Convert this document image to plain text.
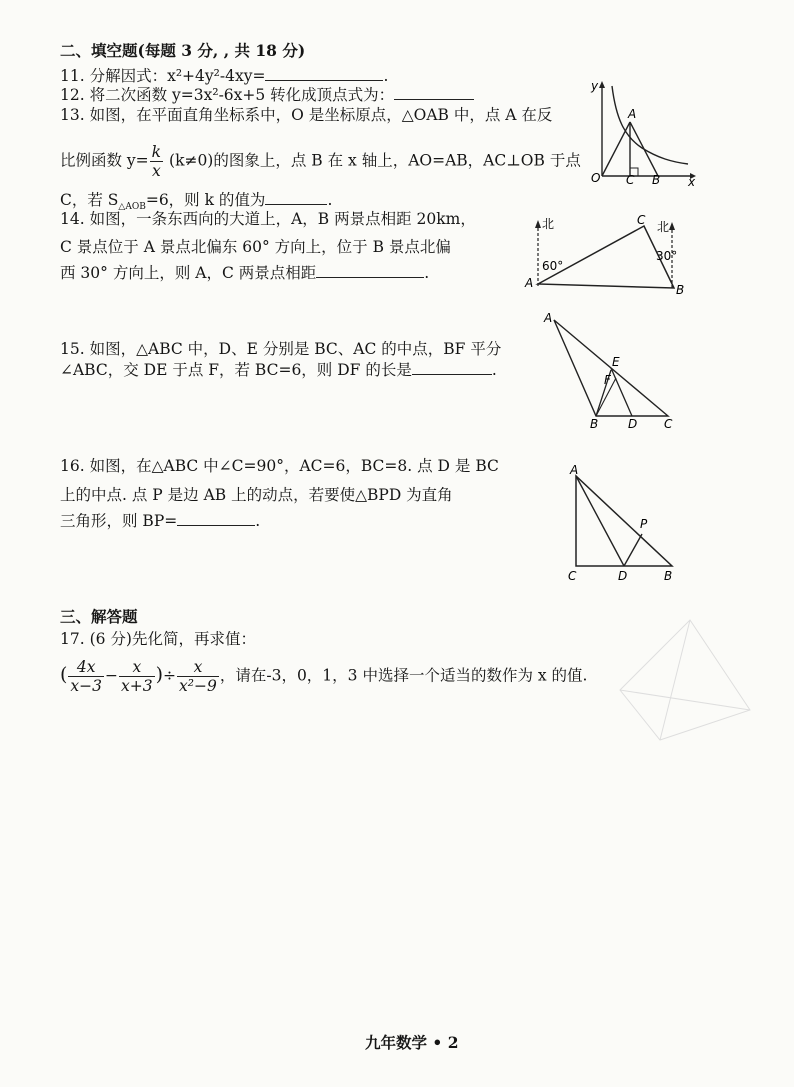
二、填空题(每题 3 分, , 共 18 分)
11. 分解因式：x²+4y²-4xy=	.
12. 将二次函数 y=3x²-6x+5 转化成顶点式为：
13. 如图，在平面直角坐标系中，O 是坐标原点，△OAB 中，点 A 在反
比例函数 $y= \frac{k}{x} (k\ne 0)$的图象上，点 B 在 x 轴上，AO=AB，AC⊥OB 于点
C，若 $S_{\triangle AOB}=6$，则 k 的值为	.
y
A
O C B x
14. 如图，一条东西向的大道上，A，B 两景点相距 20km，
C 景点位于 A 景点北偏东 60° 方向上，位于 B 景点北偏
西 30° 方向上，则 A，C 两景点相距	.
北	北
60°
30°
A	B
C
15. 如图，△ABC 中，D、E 分别是 BC、AC 的中点，BF 平分
∠ABC，交 DE 于点 F，若 BC=6，则 DF 的长是	.
A
E
F
B D C
16. 如图，在△ABC 中∠C=90°，AC=6，BC=8. 点 D 是 BC
上的中点. 点 P 是边 AB 上的动点，若要使△BPD 为直角
三角形，则 BP=	.
A
P
C	D	B
三、解答题
17. (6 分)先化简，再求值：
( $\frac{4x}{x-3} - \frac{x}{x+3}$ )÷ $\frac{x}{\text{x²−9}}$ ，请在-3，0，1，3 中选择一个适当的数作为 x 的值.
九年数学 • 2
